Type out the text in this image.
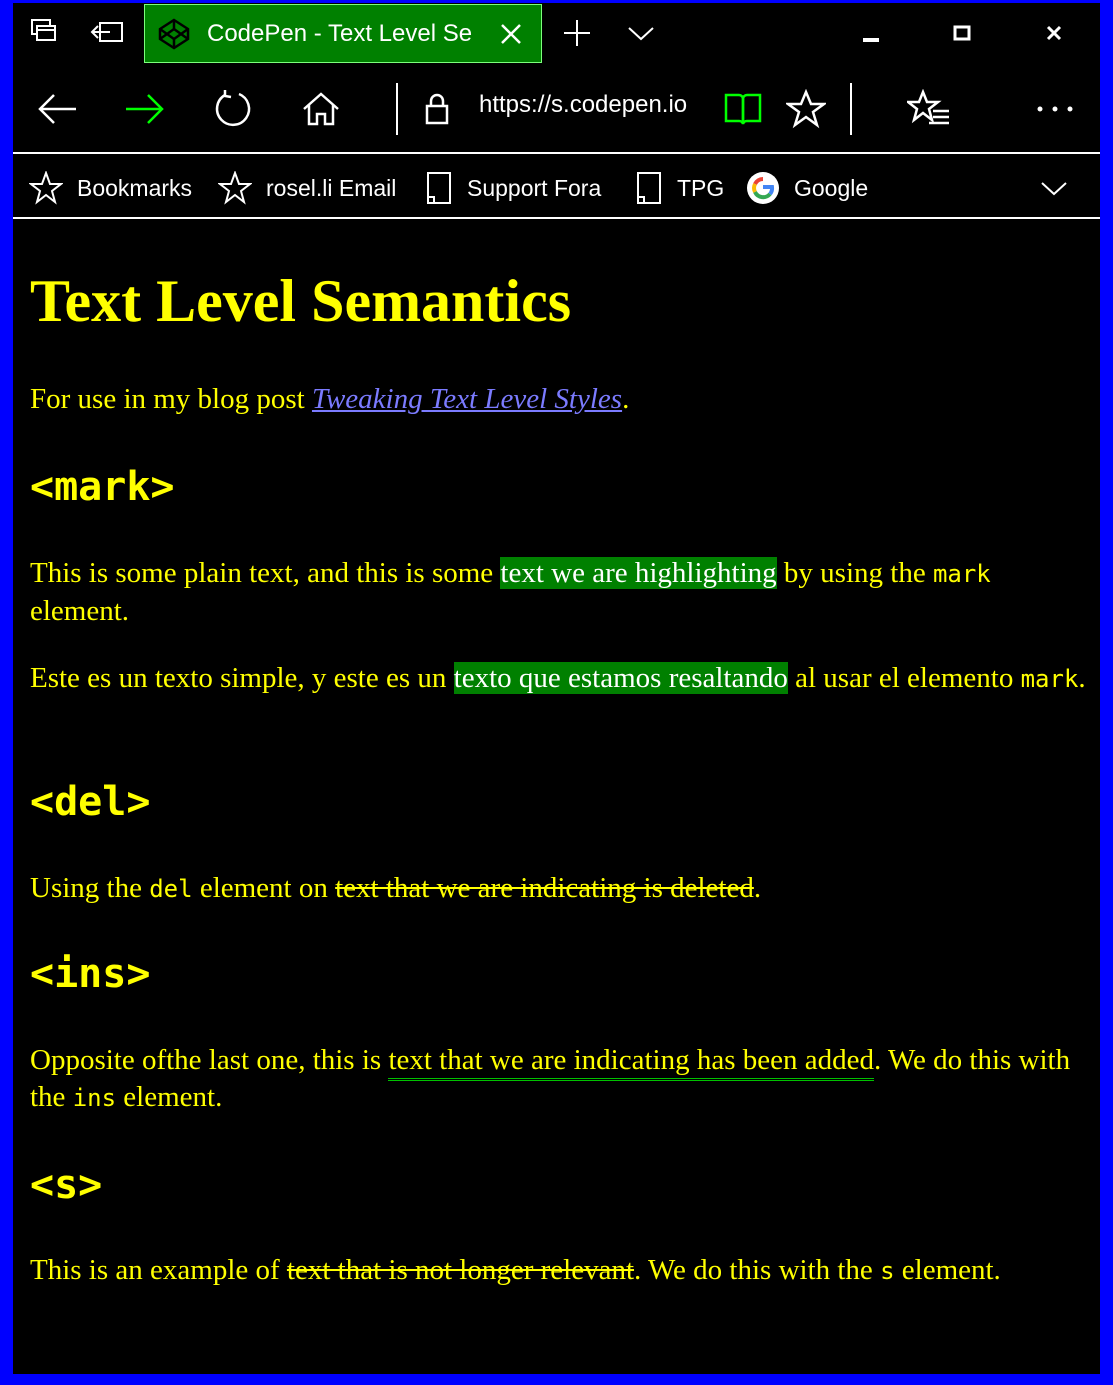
CodePen - Text Level Se
https://s.codepen.io
Bookmarks	rosel.li Email	Support Fora	TPG	Google
Text Level Semantics
For use in my blog post Tweaking Text Level Styles.
<mark>
This is some plain text, and this is some text we are highlighting by using the mark element.
Este es un texto simple, y este es un texto que estamos resaltando al usar el elemento mark.
<del>
Using the del element on text that we are indicating is deleted.
<ins>
Opposite ofthe last one, this is text that we are indicating has been added. We do this with the ins element.
<s>
This is an example of text that is not longer relevant. We do this with the s element.
